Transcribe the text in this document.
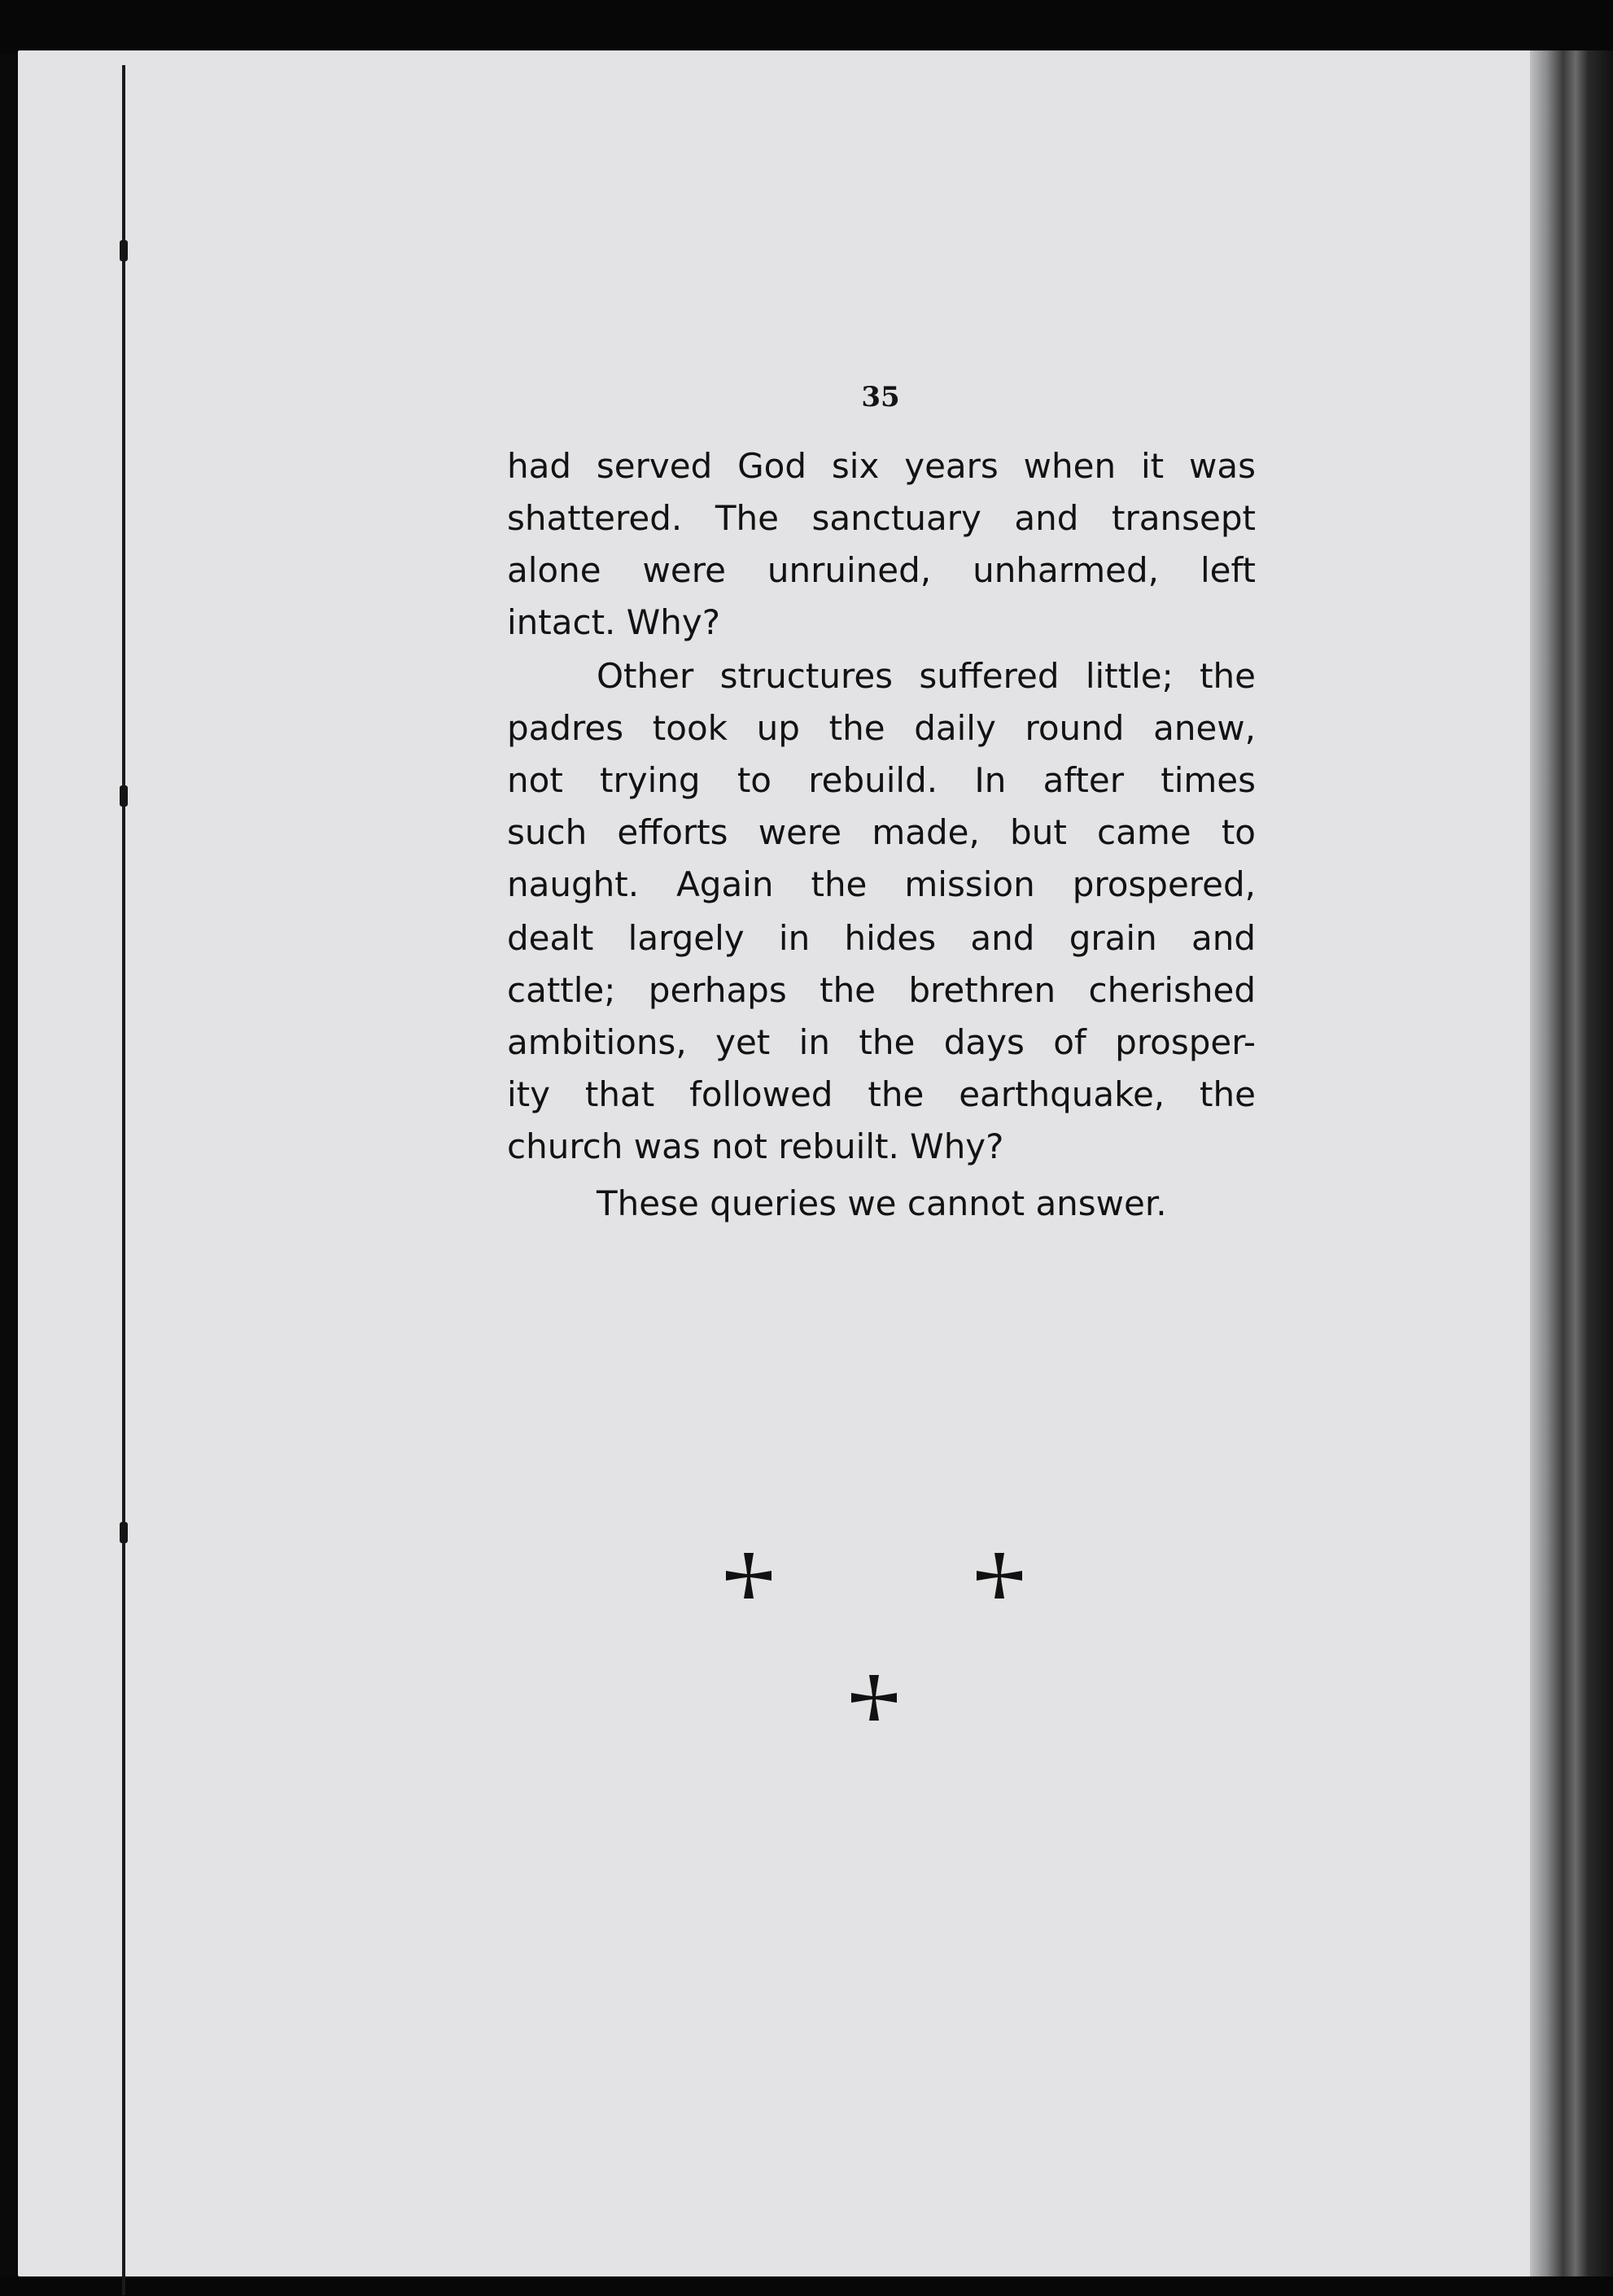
35
had served God six years when it was
shattered. The sanctuary and transept
alone were unruined, unharmed, left
intact. Why?
Other structures suffered little; the
padres took up the daily round anew,
not trying to rebuild. In after times
such efforts were made, but came to
naught. Again the mission prospered,
dealt largely in hides and grain and
cattle; perhaps the brethren cherished
ambitions, yet in the days of prosper-
ity that followed the earthquake, the
church was not rebuilt. Why?
These queries we cannot answer.
